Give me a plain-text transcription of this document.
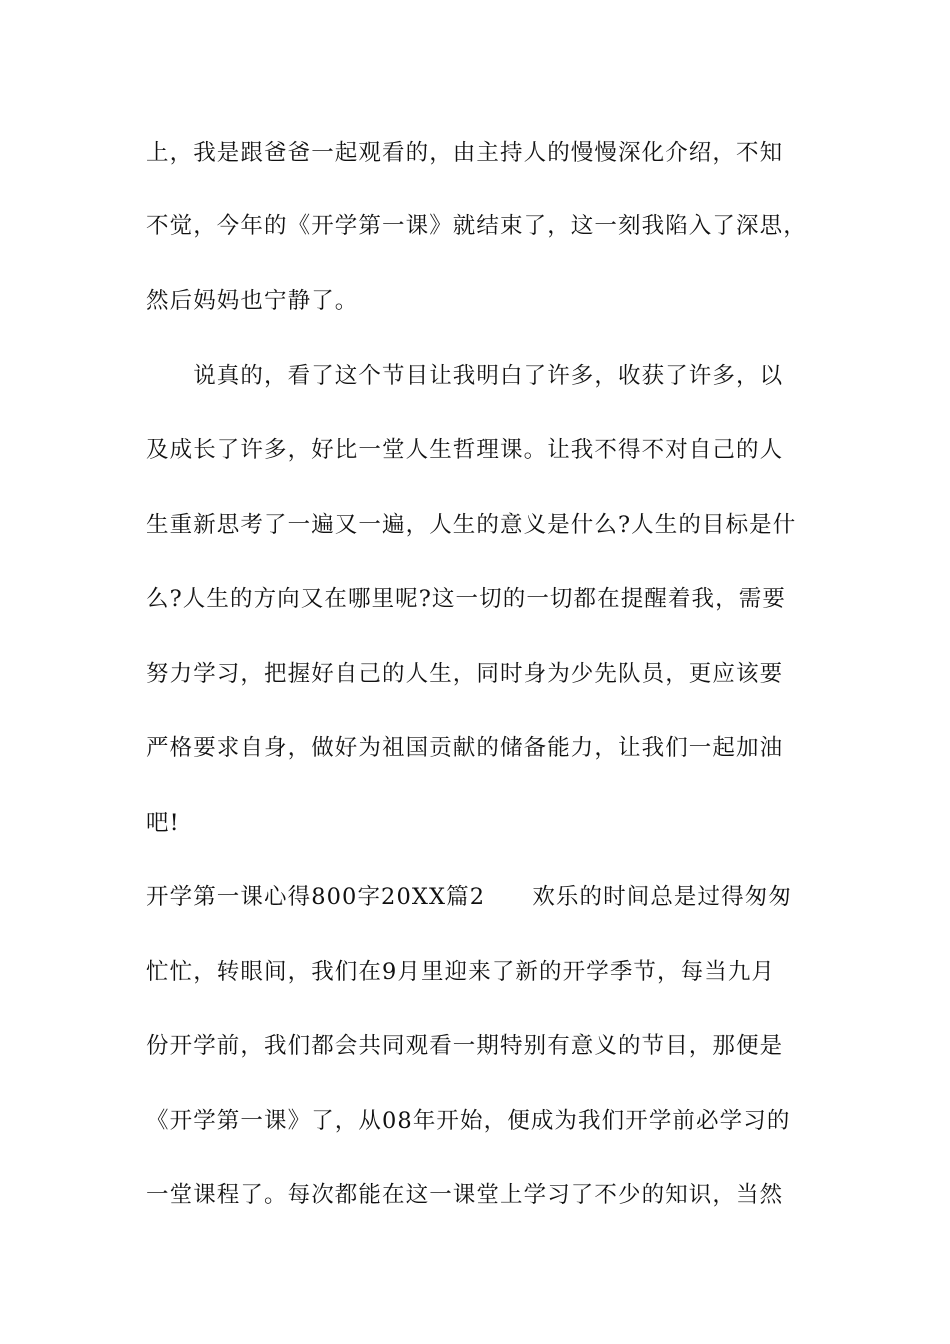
上，我是跟爸爸一起观看的，由主持人的慢慢深化介绍，不知
不觉，今年的《开学第一课》就结束了，这一刻我陷入了深思，
然后妈妈也宁静了。
　　说真的，看了这个节目让我明白了许多，收获了许多，以
及成长了许多，好比一堂人生哲理课。让我不得不对自己的人
生重新思考了一遍又一遍，人生的意义是什么?人生的目标是什
么?人生的方向又在哪里呢?这一切的一切都在提醒着我，需要
努力学习，把握好自己的人生，同时身为少先队员，更应该要
严格要求自身，做好为祖国贡献的储备能力，让我们一起加油
吧!
开学第一课心得800字20XX篇2　　欢乐的时间总是过得匆匆
忙忙，转眼间，我们在9月里迎来了新的开学季节，每当九月
份开学前，我们都会共同观看一期特别有意义的节目，那便是
《开学第一课》了，从08年开始，便成为我们开学前必学习的
一堂课程了。每次都能在这一课堂上学习了不少的知识，当然
